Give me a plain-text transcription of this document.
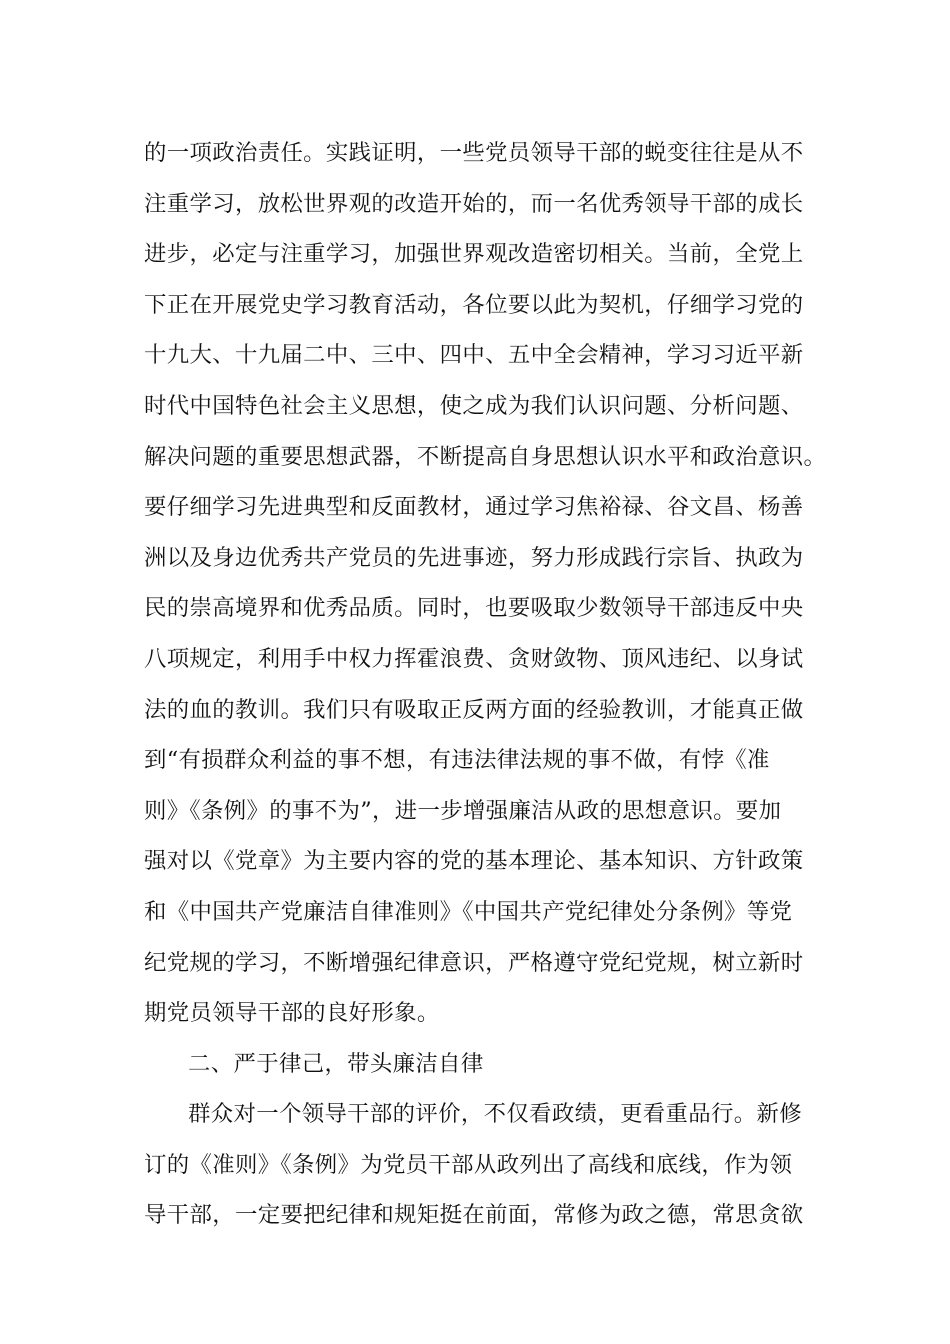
的一项政治责任。实践证明，一些党员领导干部的蜕变往往是从不
注重学习，放松世界观的改造开始的，而一名优秀领导干部的成长
进步，必定与注重学习，加强世界观改造密切相关。当前，全党上
下正在开展党史学习教育活动，各位要以此为契机，仔细学习党的
十九大、十九届二中、三中、四中、五中全会精神，学习习近平新
时代中国特色社会主义思想，使之成为我们认识问题、分析问题、
解决问题的重要思想武器，不断提高自身思想认识水平和政治意识。
要仔细学习先进典型和反面教材，通过学习焦裕禄、谷文昌、杨善
洲以及身边优秀共产党员的先进事迹，努力形成践行宗旨、执政为
民的崇高境界和优秀品质。同时，也要吸取少数领导干部违反中央
八项规定，利用手中权力挥霍浪费、贪财敛物、顶风违纪、以身试
法的血的教训。我们只有吸取正反两方面的经验教训，才能真正做
到“有损群众利益的事不想，有违法律法规的事不做，有悖《准
则》《条例》的事不为”，进一步增强廉洁从政的思想意识。要加
强对以《党章》为主要内容的党的基本理论、基本知识、方针政策
和《中国共产党廉洁自律准则》《中国共产党纪律处分条例》等党
纪党规的学习，不断增强纪律意识，严格遵守党纪党规，树立新时
期党员领导干部的良好形象。
二、严于律己，带头廉洁自律
群众对一个领导干部的评价，不仅看政绩，更看重品行。新修
订的《准则》《条例》为党员干部从政列出了高线和底线，作为领
导干部，一定要把纪律和规矩挺在前面，常修为政之德，常思贪欲
